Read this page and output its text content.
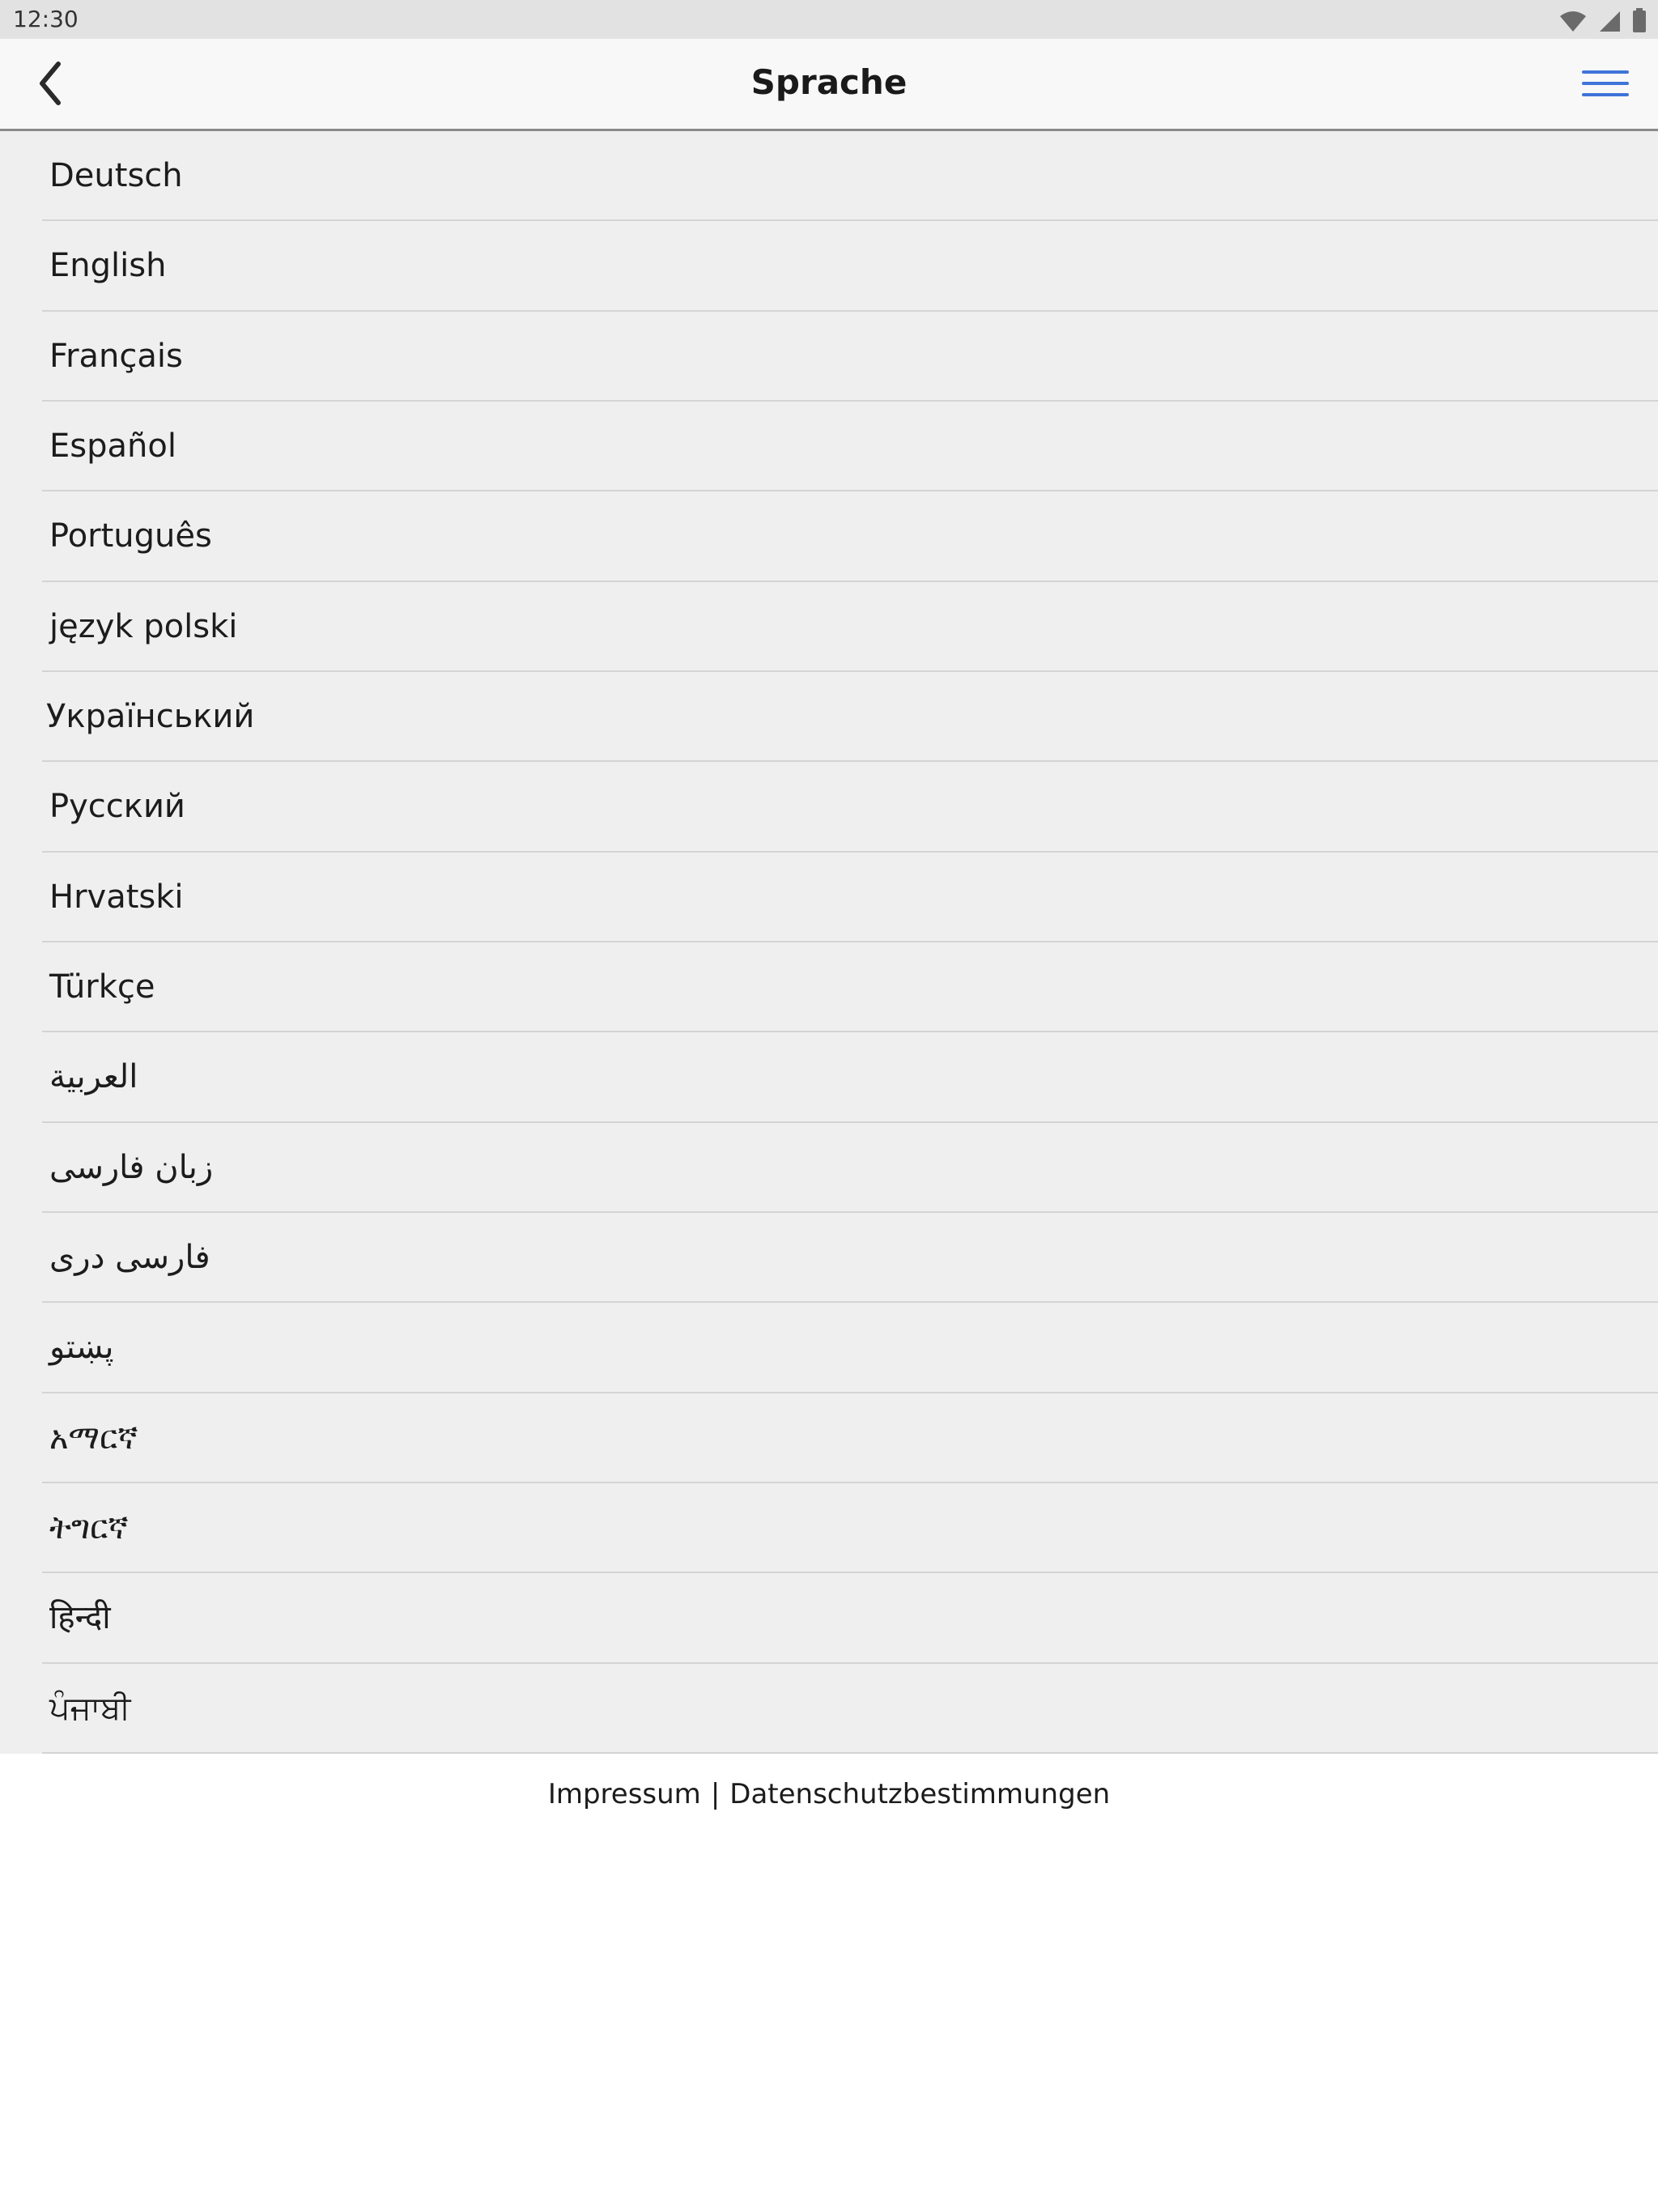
12:30
Sprache
Deutsch
English
Français
Español
Português
język polski
Український
Русский
Hrvatski
Türkçe
العربية
زبان فارسی
فارسی دری
پښتو
አማርኛ
ትግርኛ
हिन्दी
ਪੰਜਾਬੀ
Impressum | Datenschutzbestimmungen
